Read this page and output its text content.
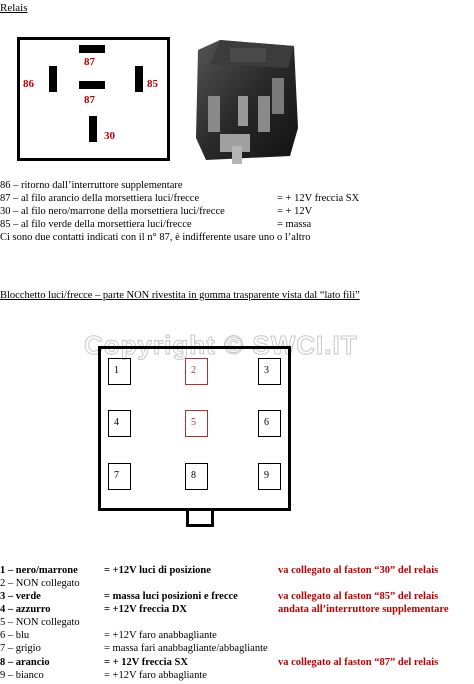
Relais
87
86	85
87
30
86 – ritorno dall’interruttore supplementare
87 – al filo arancio della morsettiera luci/frecce	= + 12V freccia SX
30 – al filo nero/marrone della morsettiera luci/frecce	= + 12V
85 – al filo verde della morsettiera luci/frecce	= massa
Ci sono due contatti indicati con il n° 87, è indifferente usare uno o l’altro
Blocchetto luci/frecce – parte NON rivestita in gomma trasparente vista dal “lato fili”
Copyright © SWCI.IT
1	2	3
4	5	6
7	8	9
1 – nero/marrone = +12V luci di posizione	va collegato al faston “30” del relais
2 – NON collegato
3 – verde	= massa luci posizioni e frecce	va collegato al faston “85” del relais
4 – azzurro	= +12V freccia DX	andata all’interruttore supplementare
5 – NON collegato
6 – blu	= +12V faro anabbagliante
7 – grigio	= massa fari anabbagliante/abbagliante
8 – arancio	= + 12V freccia SX	va collegato al faston “87” del relais
9 – bianco	= +12V faro abbagliante
